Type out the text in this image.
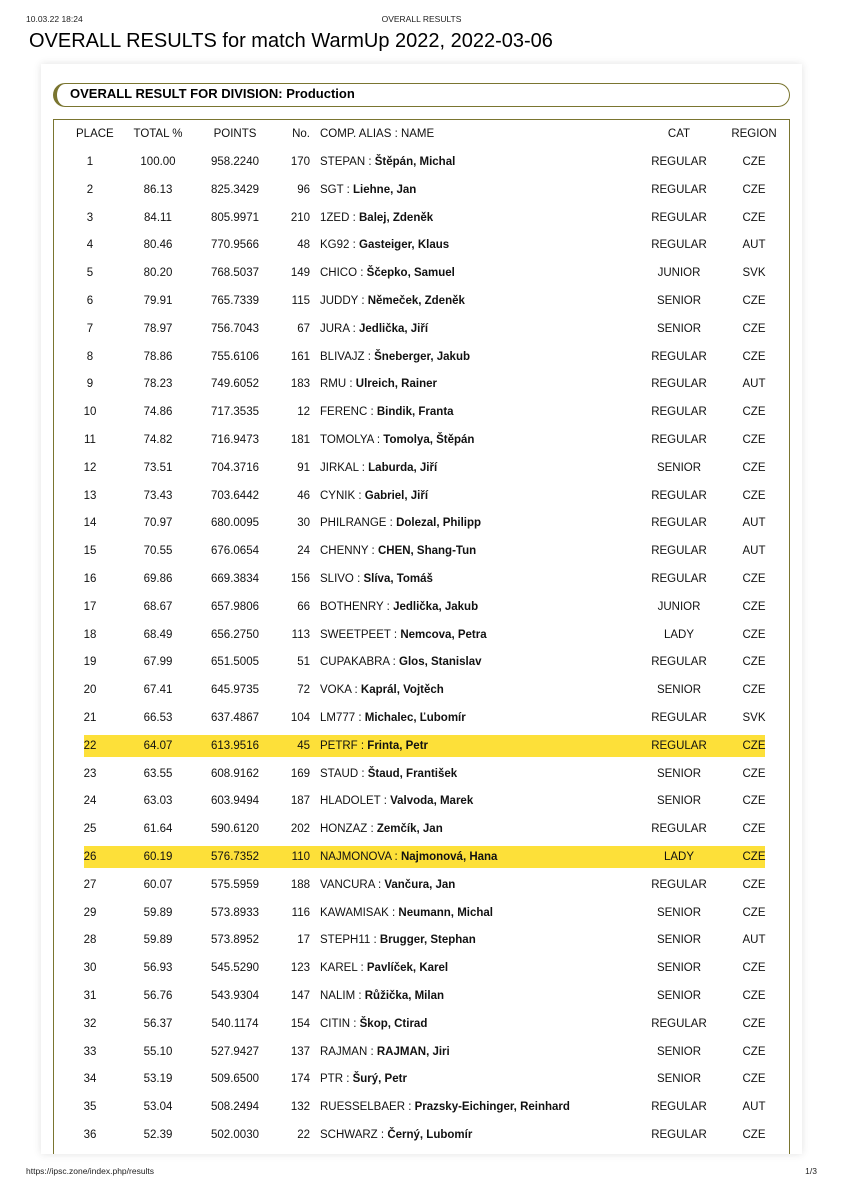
10.03.22 18:24	OVERALL RESULTS
OVERALL RESULTS for match WarmUp 2022, 2022-03-06
OVERALL RESULT FOR DIVISION: Production
PLACE	TOTAL %	POINTS	No. COMP. ALIAS : NAME	CAT	REGION
1	100.00	958.2240	170 STEPAN : Štěpán, Michal	REGULAR	CZE
2	86.13	825.3429	96 SGT : Liehne, Jan	REGULAR	CZE
3	84.11	805.9971	210 1ZED : Balej, Zdeněk	REGULAR	CZE
4	80.46	770.9566	48 KG92 : Gasteiger, Klaus	REGULAR	AUT
5	80.20	768.5037	149 CHICO : Ščepko, Samuel	JUNIOR	SVK
6	79.91	765.7339	115 JUDDY : Němeček, Zdeněk	SENIOR	CZE
7	78.97	756.7043	67 JURA : Jedlička, Jiří	SENIOR	CZE
8	78.86	755.6106	161 BLIVAJZ : Šneberger, Jakub	REGULAR	CZE
9	78.23	749.6052	183 RMU : Ulreich, Rainer	REGULAR	AUT
10	74.86	717.3535	12 FERENC : Bindik, Franta	REGULAR	CZE
11	74.82	716.9473	181 TOMOLYA : Tomolya, Štěpán	REGULAR	CZE
12	73.51	704.3716	91 JIRKAL : Laburda, Jiří	SENIOR	CZE
13	73.43	703.6442	46 CYNIK : Gabriel, Jiří	REGULAR	CZE
14	70.97	680.0095	30 PHILRANGE : Dolezal, Philipp	REGULAR	AUT
15	70.55	676.0654	24 CHENNY : CHEN, Shang-Tun	REGULAR	AUT
16	69.86	669.3834	156 SLIVO : Slíva, Tomáš	REGULAR	CZE
17	68.67	657.9806	66 BOTHENRY : Jedlička, Jakub	JUNIOR	CZE
18	68.49	656.2750	113 SWEETPEET : Nemcova, Petra	LADY	CZE
19	67.99	651.5005	51 CUPAKABRA : Glos, Stanislav	REGULAR	CZE
20	67.41	645.9735	72 VOKA : Kaprál, Vojtěch	SENIOR	CZE
21	66.53	637.4867	104 LM777 : Michalec, Ľubomír	REGULAR	SVK
22	64.07	613.9516	45 PETRF : Frinta, Petr	REGULAR	CZE
23	63.55	608.9162	169 STAUD : Štaud, František	SENIOR	CZE
24	63.03	603.9494	187 HLADOLET : Valvoda, Marek	SENIOR	CZE
25	61.64	590.6120	202 HONZAZ : Zemčík, Jan	REGULAR	CZE
26	60.19	576.7352	110 NAJMONOVA : Najmonová, Hana	LADY	CZE
27	60.07	575.5959	188 VANCURA : Vančura, Jan	REGULAR	CZE
29	59.89	573.8933	116 KAWAMISAK : Neumann, Michal	SENIOR	CZE
28	59.89	573.8952	17 STEPH11 : Brugger, Stephan	SENIOR	AUT
30	56.93	545.5290	123 KAREL : Pavlíček, Karel	SENIOR	CZE
31	56.76	543.9304	147 NALIM : Růžička, Milan	SENIOR	CZE
32	56.37	540.1174	154 CITIN : Škop, Ctirad	REGULAR	CZE
33	55.10	527.9427	137 RAJMAN : RAJMAN, Jiri	SENIOR	CZE
34	53.19	509.6500	174 PTR : Šurý, Petr	SENIOR	CZE
35	53.04	508.2494	132 RUESSELBAER : Prazsky-Eichinger, Reinhard	REGULAR	AUT
36	52.39	502.0030	22 SCHWARZ : Černý, Lubomír	REGULAR	CZE
https://ipsc.zone/index.php/results	1/3
